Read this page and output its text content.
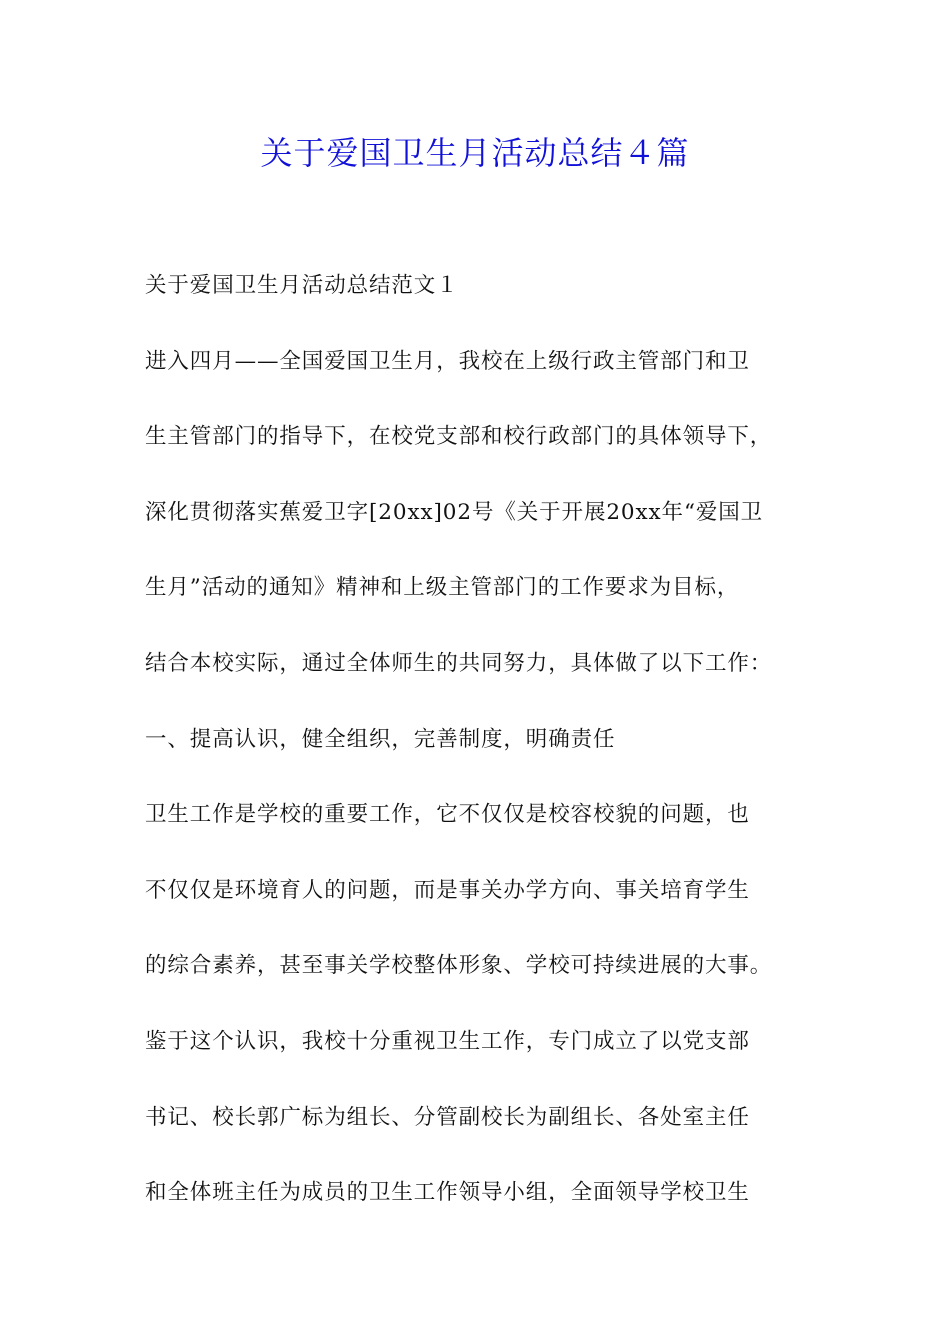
关于爱国卫生月活动总结４篇
关于爱国卫生月活动总结范文１
进入四月——全国爱国卫生月，我校在上级行政主管部门和卫
生主管部门的指导下，在校党支部和校行政部门的具体领导下，
深化贯彻落实蕉爱卫字[20xx]02号《关于开展20xx年“爱国卫
生月”活动的通知》精神和上级主管部门的工作要求为目标，
结合本校实际，通过全体师生的共同努力，具体做了以下工作：
一、提高认识，健全组织，完善制度，明确责任
卫生工作是学校的重要工作，它不仅仅是校容校貌的问题，也
不仅仅是环境育人的问题，而是事关办学方向、事关培育学生
的综合素养，甚至事关学校整体形象、学校可持续进展的大事。
鉴于这个认识，我校十分重视卫生工作，专门成立了以党支部
书记、校长郭广标为组长、分管副校长为副组长、各处室主任
和全体班主任为成员的卫生工作领导小组，全面领导学校卫生
